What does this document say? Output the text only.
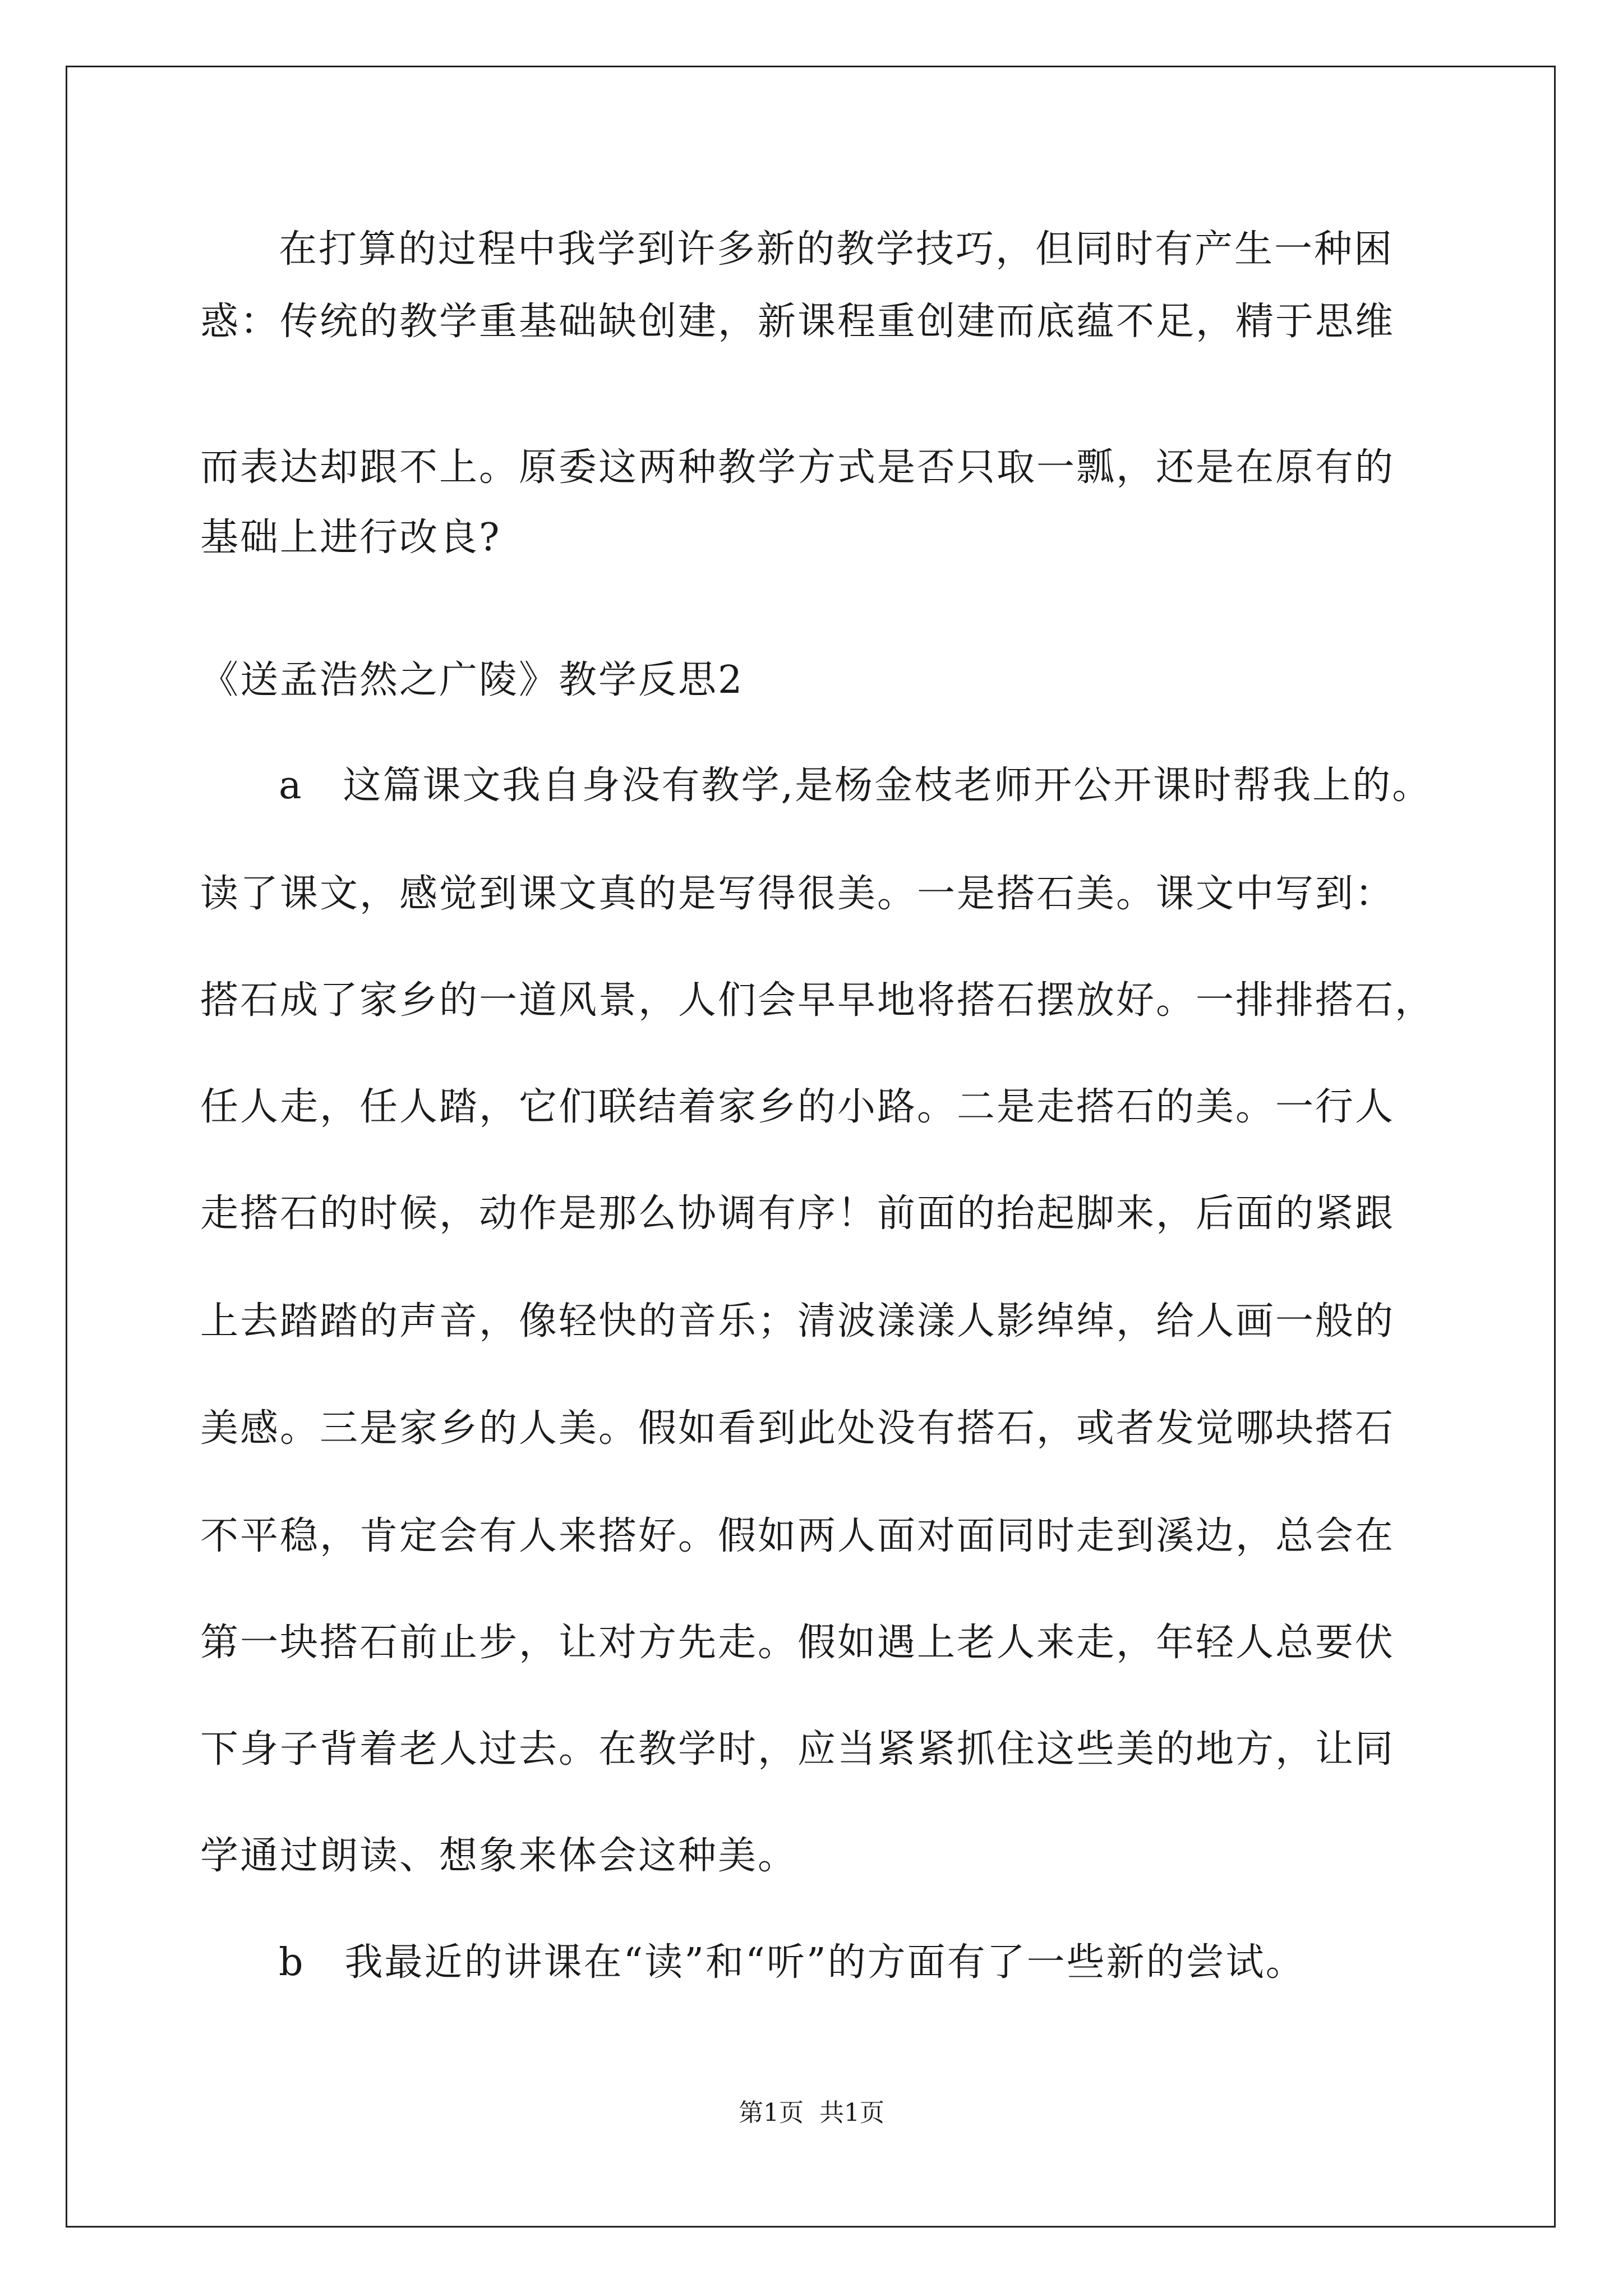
在打算的过程中我学到许多新的教学技巧，但同时有产生一种困
惑：传统的教学重基础缺创建，新课程重创建而底蕴不足，精于思维
而表达却跟不上。原委这两种教学方式是否只取一瓢，还是在原有的
基础上进行改良?
《送孟浩然之广陵》教学反思2
a　这篇课文我自身没有教学,是杨金枝老师开公开课时帮我上的。
读了课文，感觉到课文真的是写得很美。一是搭石美。课文中写到：
搭石成了家乡的一道风景，人们会早早地将搭石摆放好。一排排搭石，
任人走，任人踏，它们联结着家乡的小路。二是走搭石的美。一行人
走搭石的时候，动作是那么协调有序！前面的抬起脚来，后面的紧跟
上去踏踏的声音，像轻快的音乐；清波漾漾人影绰绰，给人画一般的
美感。三是家乡的人美。假如看到此处没有搭石，或者发觉哪块搭石
不平稳，肯定会有人来搭好。假如两人面对面同时走到溪边，总会在
第一块搭石前止步，让对方先走。假如遇上老人来走，年轻人总要伏
下身子背着老人过去。在教学时，应当紧紧抓住这些美的地方，让同
学通过朗读、想象来体会这种美。
b　我最近的讲课在“读”和“听”的方面有了一些新的尝试。
第1页 共1页
